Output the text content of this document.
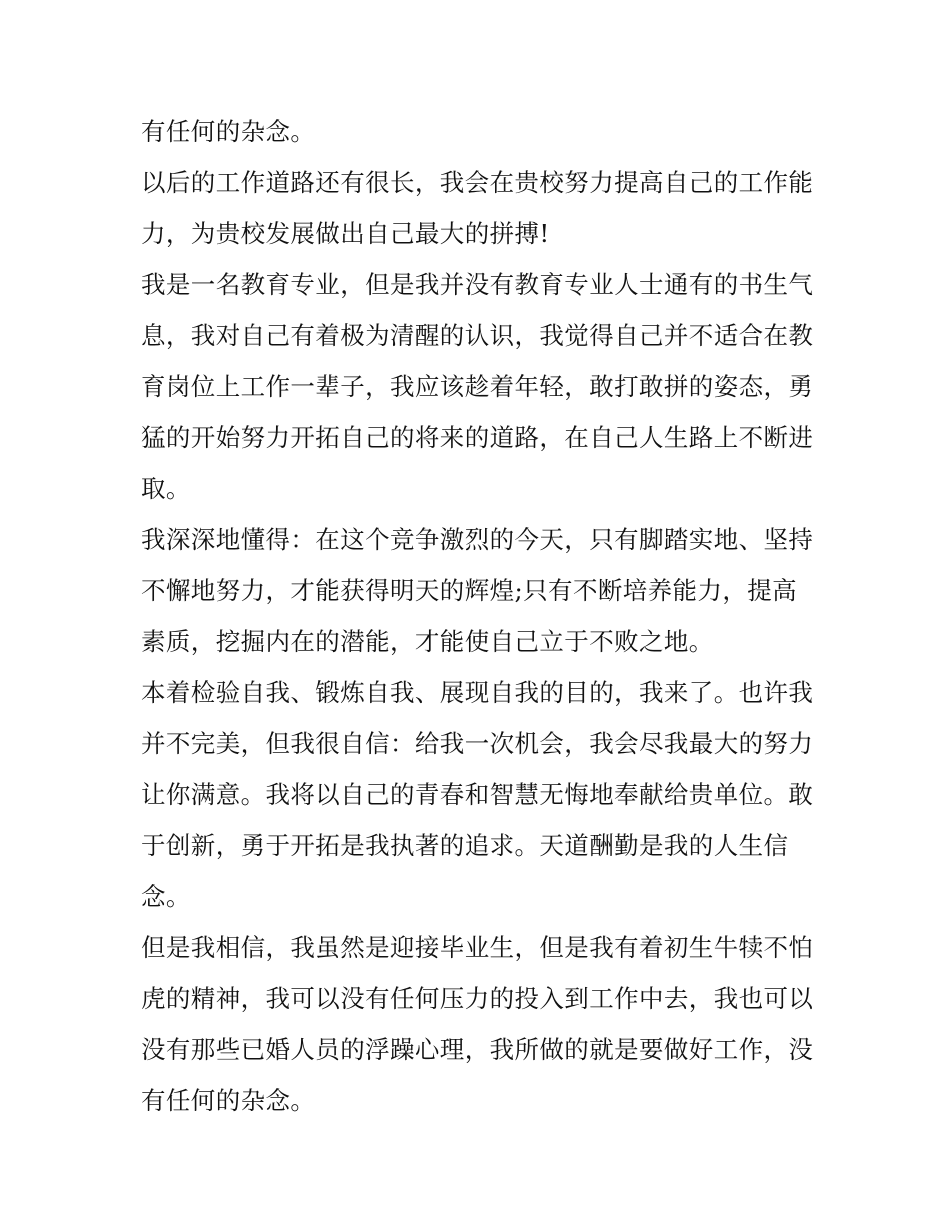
有任何的杂念。
以后的工作道路还有很长，我会在贵校努力提高自己的工作能
力，为贵校发展做出自己最大的拼搏!
我是一名教育专业，但是我并没有教育专业人士通有的书生气
息，我对自己有着极为清醒的认识，我觉得自己并不适合在教
育岗位上工作一辈子，我应该趁着年轻，敢打敢拼的姿态，勇
猛的开始努力开拓自己的将来的道路，在自己人生路上不断进
取。
我深深地懂得：在这个竞争激烈的今天，只有脚踏实地、坚持
不懈地努力，才能获得明天的辉煌;只有不断培养能力，提高
素质，挖掘内在的潜能，才能使自己立于不败之地。
本着检验自我、锻炼自我、展现自我的目的，我来了。也许我
并不完美，但我很自信：给我一次机会，我会尽我最大的努力
让你满意。我将以自己的青春和智慧无悔地奉献给贵单位。敢
于创新，勇于开拓是我执著的追求。天道酬勤是我的人生信
念。
但是我相信，我虽然是迎接毕业生，但是我有着初生牛犊不怕
虎的精神，我可以没有任何压力的投入到工作中去，我也可以
没有那些已婚人员的浮躁心理，我所做的就是要做好工作，没
有任何的杂念。
